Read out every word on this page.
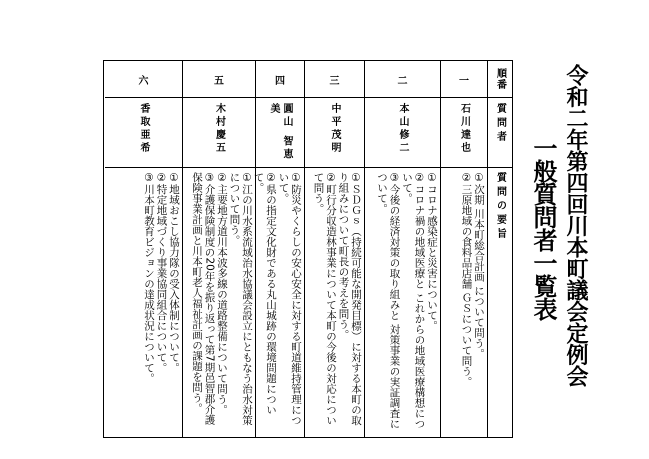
令和二年第四回川本町議会定例会
一般質問者一覧表
順番
質問者
質問の要旨
一
石川達也

①次期 川本町総合計画 について問う。

②三原地域の食料品店舗 ＧＳについて問う。

二
本山修二

①コロナ感染症と災害について。

②コロナ禍の地域医療と これからの地域医療構想について。

③今後の経済対策の取り組みと 対策事業の実証調査について。

三
中平茂明

①ＳＤＧｓ（持続可能な開発目標）に対する本町の取り組みについて町長の考えを問う。

②町行分収造林事業について本町の今後の対応について問う。

四
圓山 智恵美

①防災やくらしの安心安全に対する町道維持管理について。

②県の指定文化財である丸山城跡の環境問題について。

五
木村慶五

①江の川水系流域治水協議会設立にともなう治水対策について問う。

②主要地方道川本波多線の道路整備について問う。

③介護保険制度の20年を振り返って第7期邑智郡介護保険事業計画と川本町老人福祉計画の課題を問う。

六
香取亜希

①地域おこし協力隊の受入体制について。

②特定地域づくり事業協同組合について。

③川本町教育ビジョンの達成状況について。
